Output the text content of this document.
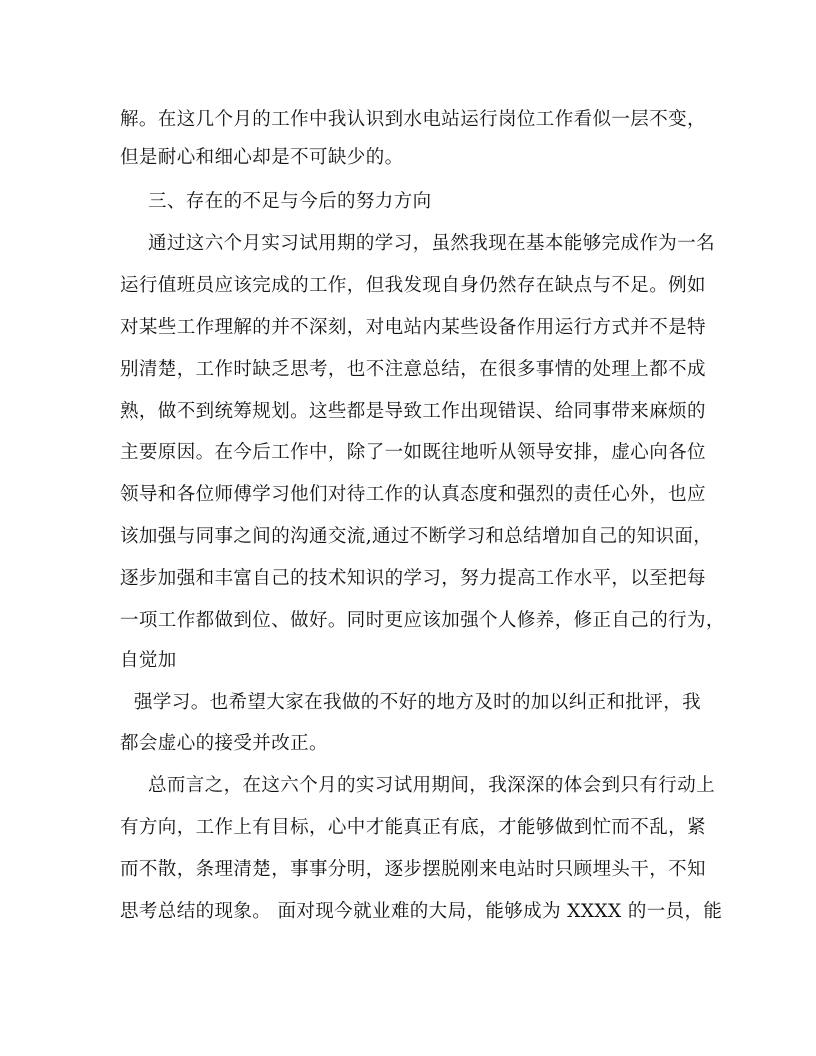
解。在这几个月的工作中我认识到水电站运行岗位工作看似一层不变，
但是耐心和细心却是不可缺少的。
三、存在的不足与今后的努力方向
通过这六个月实习试用期的学习，虽然我现在基本能够完成作为一名
运行值班员应该完成的工作，但我发现自身仍然存在缺点与不足。例如
对某些工作理解的并不深刻，对电站内某些设备作用运行方式并不是特
别清楚，工作时缺乏思考，也不注意总结，在很多事情的处理上都不成
熟，做不到统筹规划。这些都是导致工作出现错误、给同事带来麻烦的
主要原因。在今后工作中，除了一如既往地听从领导安排，虚心向各位
领导和各位师傅学习他们对待工作的认真态度和强烈的责任心外，也应
该加强与同事之间的沟通交流,通过不断学习和总结增加自己的知识面，
逐步加强和丰富自己的技术知识的学习，努力提高工作水平，以至把每
一项工作都做到位、做好。同时更应该加强个人修养，修正自己的行为，
自觉加
强学习。也希望大家在我做的不好的地方及时的加以纠正和批评，我
都会虚心的接受并改正。
总而言之，在这六个月的实习试用期间，我深深的体会到只有行动上
有方向，工作上有目标，心中才能真正有底，才能够做到忙而不乱，紧
而不散，条理清楚，事事分明，逐步摆脱刚来电站时只顾埋头干，不知
思考总结的现象。 面对现今就业难的大局，能够成为 XXXX 的一员，能
